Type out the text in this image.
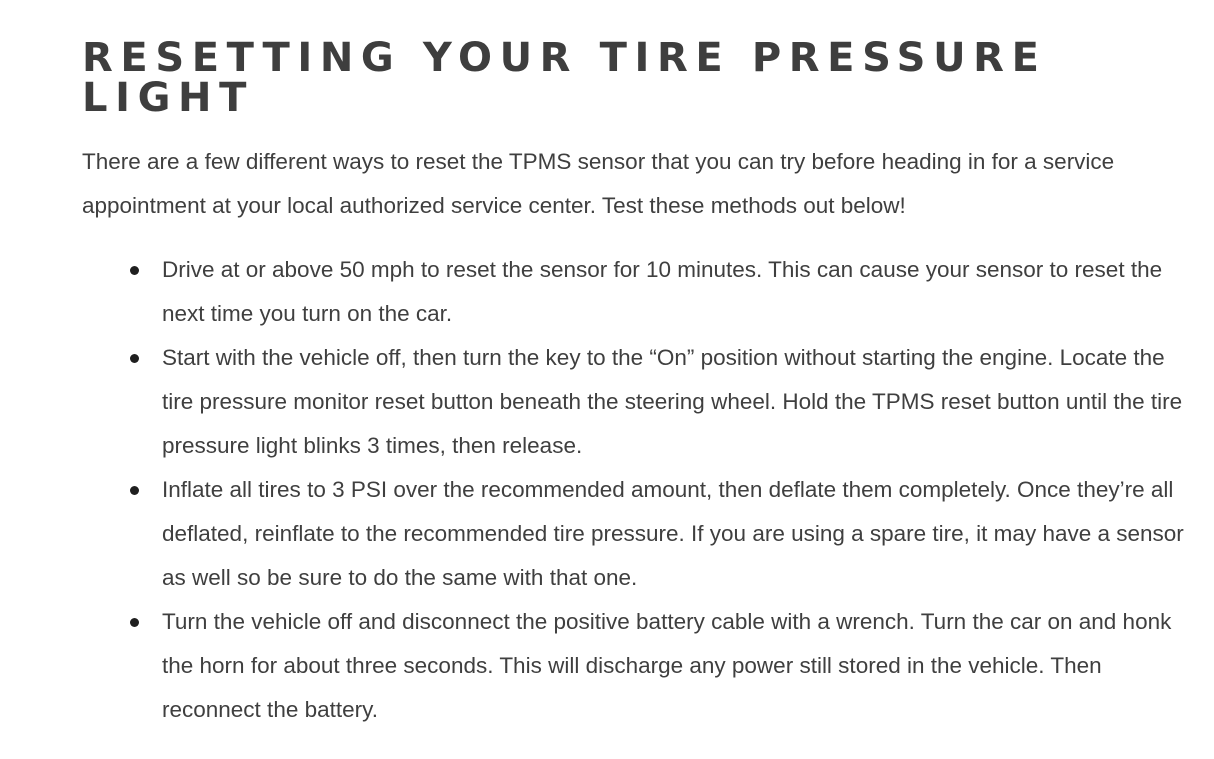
RESETTING YOUR TIRE PRESSURE LIGHT

There are a few different ways to reset the TPMS sensor that you can try before heading in for a service appointment at your local authorized service center. Test these methods out below!

Drive at or above 50 mph to reset the sensor for 10 minutes. This can cause your sensor to reset the next time you turn on the car.
Start with the vehicle off, then turn the key to the “On” position without starting the engine. Locate the tire pressure monitor reset button beneath the steering wheel. Hold the TPMS reset button until the tire pressure light blinks 3 times, then release.
Inflate all tires to 3 PSI over the recommended amount, then deflate them completely. Once they’re all deflated, reinflate to the recommended tire pressure. If you are using a spare tire, it may have a sensor as well so be sure to do the same with that one.
Turn the vehicle off and disconnect the positive battery cable with a wrench. Turn the car on and honk the horn for about three seconds. This will discharge any power still stored in the vehicle. Then reconnect the battery.
